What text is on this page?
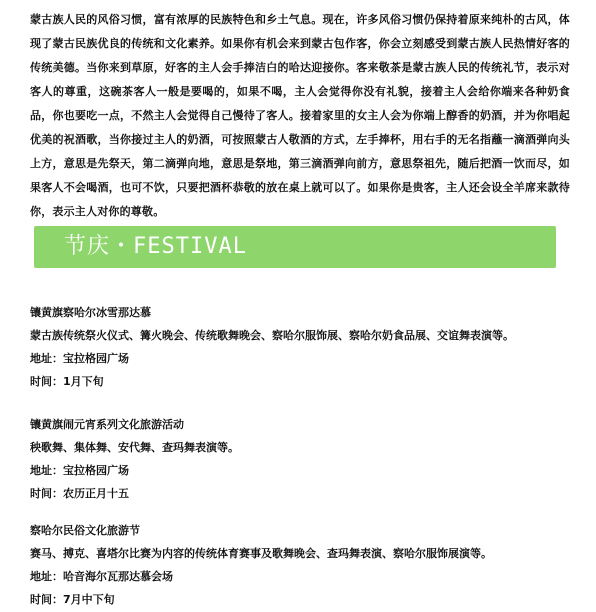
蒙古族人民的风俗习惯，富有浓厚的民族特色和乡土气息。现在，许多风俗习惯仍保持着原来纯朴的古风，体现了蒙古民族优良的传统和文化素养。如果你有机会来到蒙古包作客，你会立刻感受到蒙古族人民热情好客的传统美德。当你来到草原，好客的主人会手捧洁白的哈达迎接你。客来敬茶是蒙古族人民的传统礼节，表示对客人的尊重，这碗茶客人一般是要喝的，如果不喝，主人会觉得你没有礼貌，接着主人会给你端来各种奶食品，你也要吃一点，不然主人会觉得自己慢待了客人。接着家里的女主人会为你端上醇香的奶酒，并为你唱起优美的祝酒歌，当你接过主人的奶酒，可按照蒙古人敬酒的方式，左手捧杯，用右手的无名指蘸一滴酒弹向头上方，意思是先祭天，第二滴弹向地，意思是祭地，第三滴酒弹向前方，意思祭祖先，随后把酒一饮而尽，如果客人不会喝酒，也可不饮，只要把酒杯恭敬的放在桌上就可以了。如果你是贵客，主人还会设全羊席来款待你，表示主人对你的尊敬。
节庆・FESTIVAL
镶黄旗察哈尔冰雪那达慕
蒙古族传统祭火仪式、篝火晚会、传统歌舞晚会、察哈尔服饰展、察哈尔奶食品展、交谊舞表演等。
地址：宝拉格园广场
时间：1月下旬
镶黄旗闹元宵系列文化旅游活动
秧歌舞、集体舞、安代舞、查玛舞表演等。
地址：宝拉格园广场
时间：农历正月十五
察哈尔民俗文化旅游节
赛马、搏克、喜塔尔比赛为内容的传统体育赛事及歌舞晚会、查玛舞表演、察哈尔服饰展演等。
地址：哈音海尔瓦那达慕会场
时间：7月中下旬
